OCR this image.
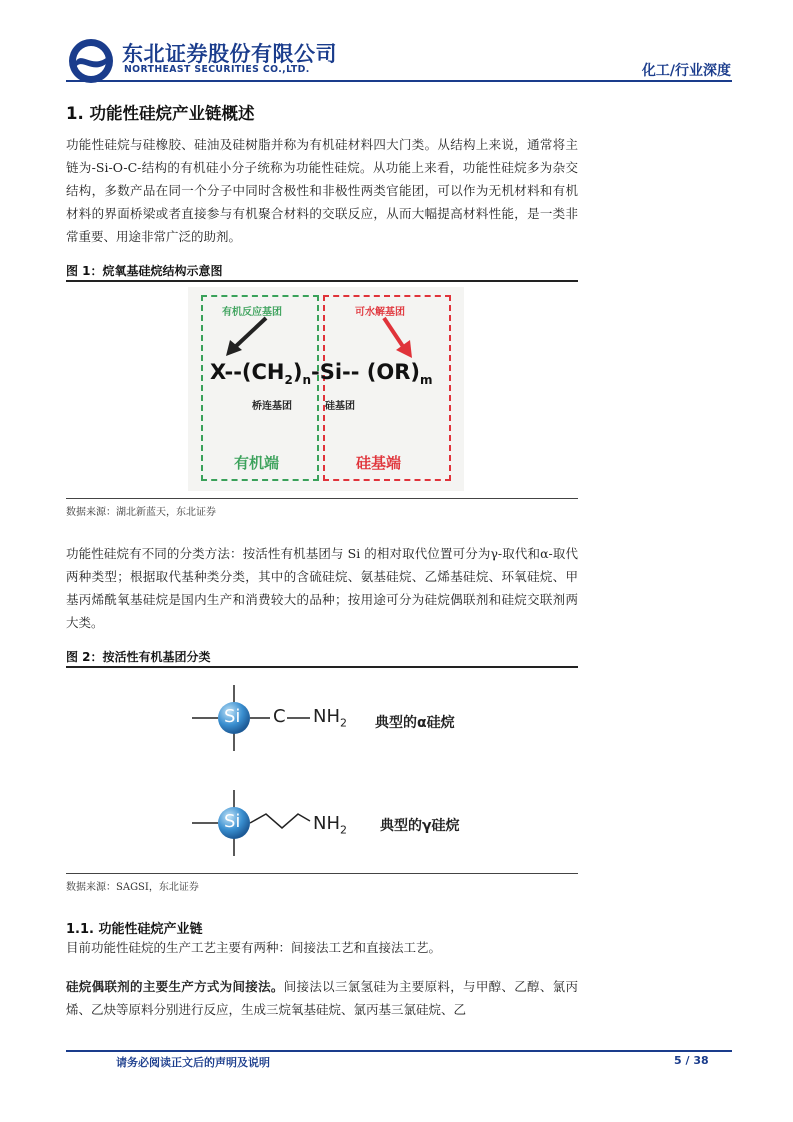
东北证券股份有限公司
NORTHEAST SECURITIES CO.,LTD.	化工/行业深度
1. 功能性硅烷产业链概述
功能性硅烷与硅橡胶、硅油及硅树脂并称为有机硅材料四大门类。从结构上来说，通常将主链为-Si-O-C-结构的有机硅小分子统称为功能性硅烷。从功能上来看，功能性硅烷多为杂交结构，多数产品在同一个分子中同时含极性和非极性两类官能团，可以作为无机材料和有机材料的界面桥梁或者直接参与有机聚合材料的交联反应，从而大幅提高材料性能，是一类非常重要、用途非常广泛的助剂。
图 1：烷氧基硅烷结构示意图
有机反应基团	可水解基团
$X--(CH_2)_n-Si--$ $(OR)_m$
桥连基团	硅基团
有机端	硅基端
数据来源：湖北新蓝天，东北证券
功能性硅烷有不同的分类方法：按活性有机基团与 Si 的相对取代位置可分为γ-取代和α-取代两种类型；根据取代基种类分类，其中的含硫硅烷、氨基硅烷、乙烯基硅烷、环氧硅烷、甲基丙烯酰氧基硅烷是国内生产和消费较大的品种；按用途可分为硅烷偶联剂和硅烷交联剂两大类。
图 2：按活性有机基团分类
Si C $NH_2$ 典型的α硅烷
Si	$NH_2$ 典型的γ硅烷
数据来源：SAGSI，东北证券
1.1. 功能性硅烷产业链
目前功能性硅烷的生产工艺主要有两种：间接法工艺和直接法工艺。
硅烷偶联剂的主要生产方式为间接法。间接法以三氯氢硅为主要原料，与甲醇、乙醇、氯丙烯、乙炔等原料分别进行反应，生成三烷氧基硅烷、氯丙基三氯硅烷、乙
请务必阅读正文后的声明及说明	5 / 38
